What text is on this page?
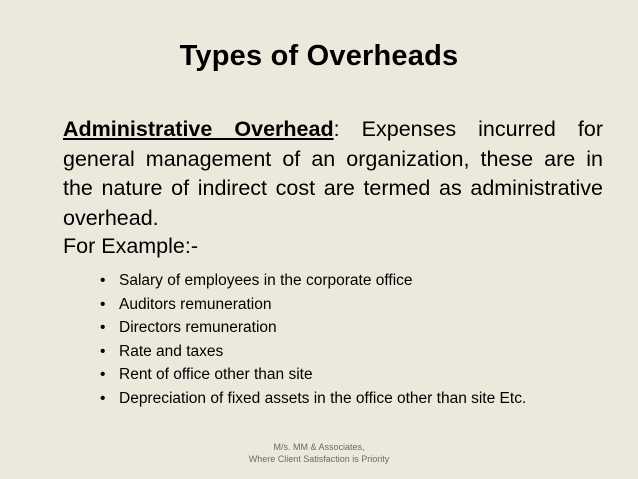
Types of Overheads
Administrative Overhead: Expenses incurred for general management of an organization, these are in the nature of indirect cost are termed as administrative overhead.
For Example:-
• Salary of employees in the corporate office
• Auditors remuneration
• Directors remuneration
• Rate and taxes
• Rent of office other than site
• Depreciation of fixed assets in the office other than site Etc.
M/s. MM & Associates,
Where Client Satisfaction is Priority
